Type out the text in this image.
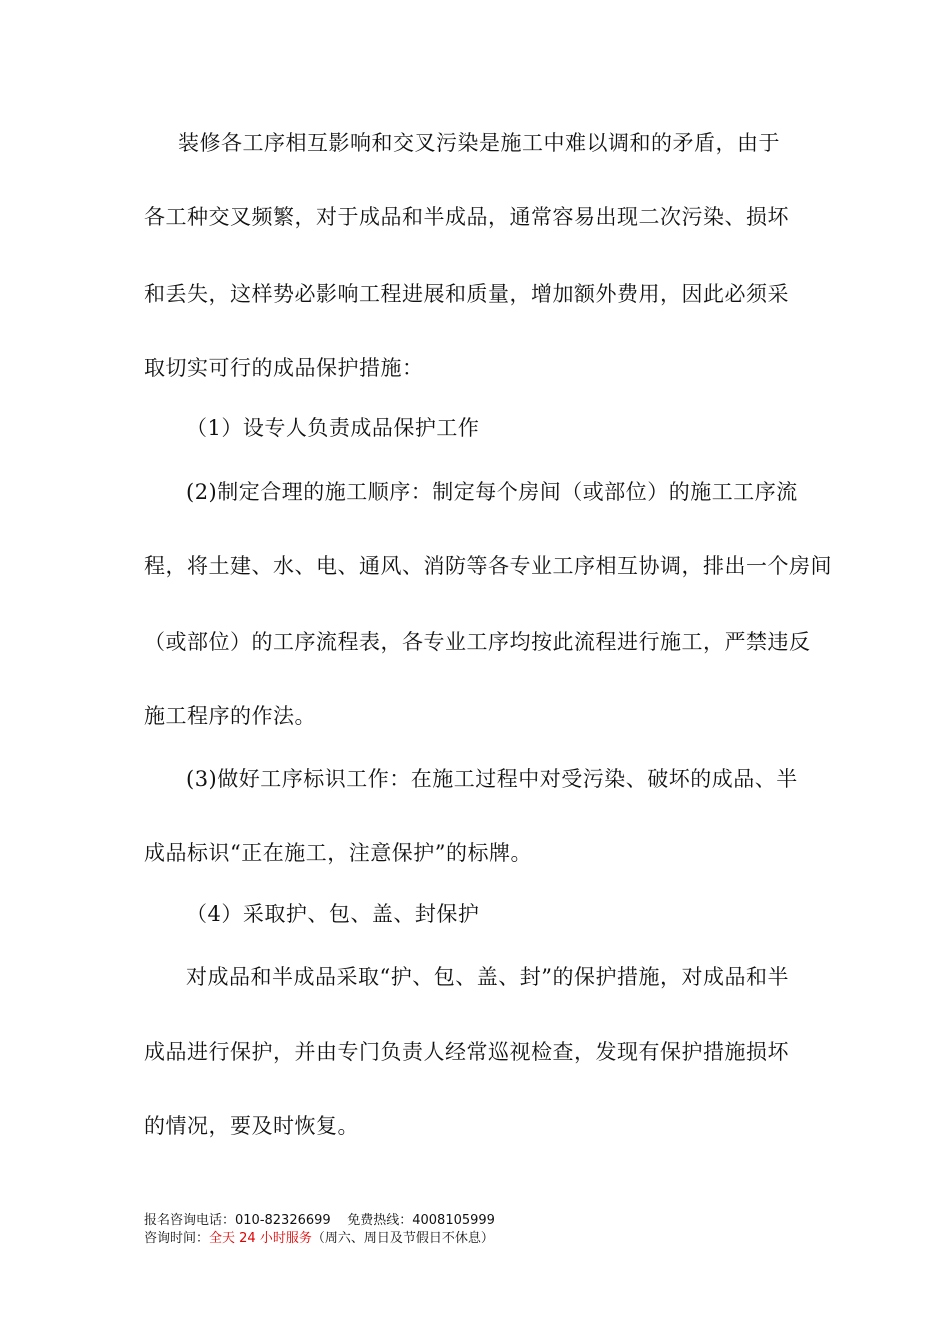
装修各工序相互影响和交叉污染是施工中难以调和的矛盾，由于
各工种交叉频繁，对于成品和半成品，通常容易出现二次污染、损坏
和丢失，这样势必影响工程进展和质量，增加额外费用，因此必须采
取切实可行的成品保护措施：
（1）设专人负责成品保护工作
(2)制定合理的施工顺序：制定每个房间（或部位）的施工工序流
程，将土建、水、电、通风、消防等各专业工序相互协调，排出一个房间
（或部位）的工序流程表，各专业工序均按此流程进行施工，严禁违反
施工程序的作法。
(3)做好工序标识工作：在施工过程中对受污染、破坏的成品、半
成品标识“正在施工，注意保护”的标牌。
（4）采取护、包、盖、封保护
对成品和半成品采取“护、包、盖、封”的保护措施，对成品和半
成品进行保护，并由专门负责人经常巡视检查，发现有保护措施损坏
的情况，要及时恢复。
报名咨询电话：010-82326699 免费热线：4008105999
咨询时间：全天 24 小时服务（周六、周日及节假日不休息）
